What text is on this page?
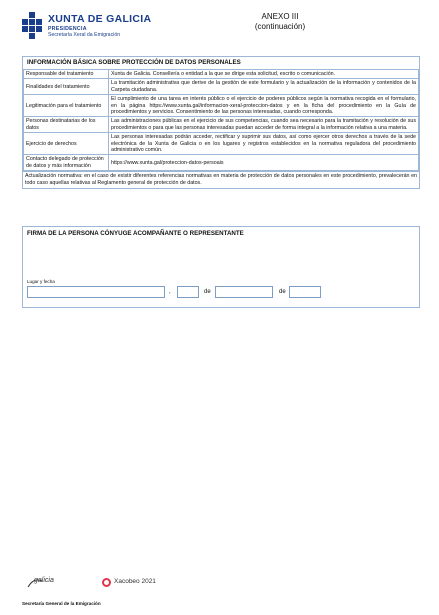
XUNTA DE GALICIA
PRESIDENCIA
Secretaría Xeral da Emigración
ANEXO III
(continuación)
INFORMACIÓN BÁSICA SOBRE PROTECCIÓN DE DATOS PERSONALES
Responsable del tratamiento	Xunta de Galicia. Consellería o entidad a la que se dirige esta solicitud, escrito o comunicación.
Finalidades del tratamiento	La tramitación administrativa que derive de la gestión de este formulario y la actualización de la información y contenidos de la Carpeta ciudadana.
Legitimación para el tratamiento	El cumplimiento de una tarea en interés público o el ejercicio de poderes públicos según la normativa recogida en el formulario, en la página https://www.xunta.gal/informacion-xeral-proteccion-datos y en la ficha del procedimiento en la Guía de procedimientos y servicios. Consentimiento de las personas interesadas, cuando corresponda.
Personas destinatarias de los datos	Las administraciones públicas en el ejercicio de sus competencias, cuando sea necesario para la tramitación y resolución de sus procedimientos o para que las personas interesadas puedan acceder de forma integral a la información relativa a una materia.
Ejercicio de derechos	Las personas interesadas podrán acceder, rectificar y suprimir sus datos, así como ejercer otros derechos a través de la sede electrónica de la Xunta de Galicia o en los lugares y registros establecidos en la normativa reguladora del procedimiento administrativo común.
Contacto delegado de protección de datos y más información	https://www.xunta.gal/proteccion-datos-persoais
Actualización normativa: en el caso de existir diferentes referencias normativas en materia de protección de datos personales en este procedimiento, prevalecerán en todo caso aquellas relativas al Reglamento general de protección de datos.
FIRMA DE LA PERSONA CÓNYUGE ACOMPAÑANTE O REPRESENTANTE
Lugar y fecha
,	de	de
galicia	Xacobeo 2021
Secretaría General de la Emigración
